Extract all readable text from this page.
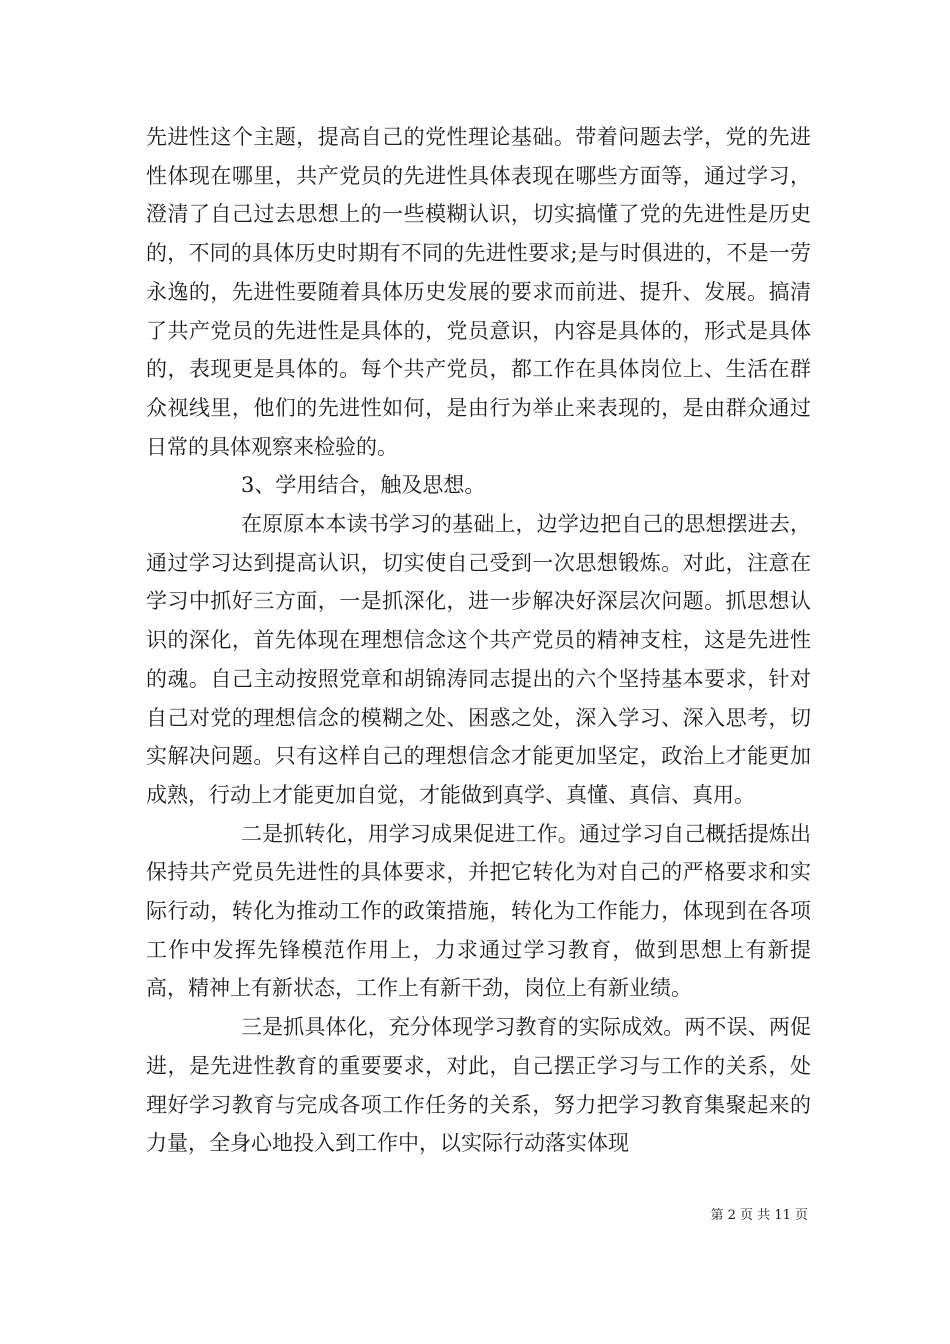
先进性这个主题，提高自己的党性理论基础。带着问题去学，党的先进性体现在哪里，共产党员的先进性具体表现在哪些方面等，通过学习，澄清了自己过去思想上的一些模糊认识，切实搞懂了党的先进性是历史的，不同的具体历史时期有不同的先进性要求;是与时俱进的，不是一劳永逸的，先进性要随着具体历史发展的要求而前进、提升、发展。搞清了共产党员的先进性是具体的，党员意识，内容是具体的，形式是具体的，表现更是具体的。每个共产党员，都工作在具体岗位上、生活在群众视线里，他们的先进性如何，是由行为举止来表现的，是由群众通过日常的具体观察来检验的。

3、学用结合，触及思想。

在原原本本读书学习的基础上，边学边把自己的思想摆进去，通过学习达到提高认识，切实使自己受到一次思想锻炼。对此，注意在学习中抓好三方面，一是抓深化，进一步解决好深层次问题。抓思想认识的深化，首先体现在理想信念这个共产党员的精神支柱，这是先进性的魂。自己主动按照党章和胡锦涛同志提出的六个坚持基本要求，针对自己对党的理想信念的模糊之处、困惑之处，深入学习、深入思考，切实解决问题。只有这样自己的理想信念才能更加坚定，政治上才能更加成熟，行动上才能更加自觉，才能做到真学、真懂、真信、真用。

二是抓转化，用学习成果促进工作。通过学习自己概括提炼出保持共产党员先进性的具体要求，并把它转化为对自己的严格要求和实际行动，转化为推动工作的政策措施，转化为工作能力，体现到在各项工作中发挥先锋模范作用上，力求通过学习教育，做到思想上有新提高，精神上有新状态，工作上有新干劲，岗位上有新业绩。

三是抓具体化，充分体现学习教育的实际成效。两不误、两促进，是先进性教育的重要要求，对此，自己摆正学习与工作的关系，处理好学习教育与完成各项工作任务的关系，努力把学习教育集聚起来的力量，全身心地投入到工作中，以实际行动落实体现

第 2 页 共 11 页
